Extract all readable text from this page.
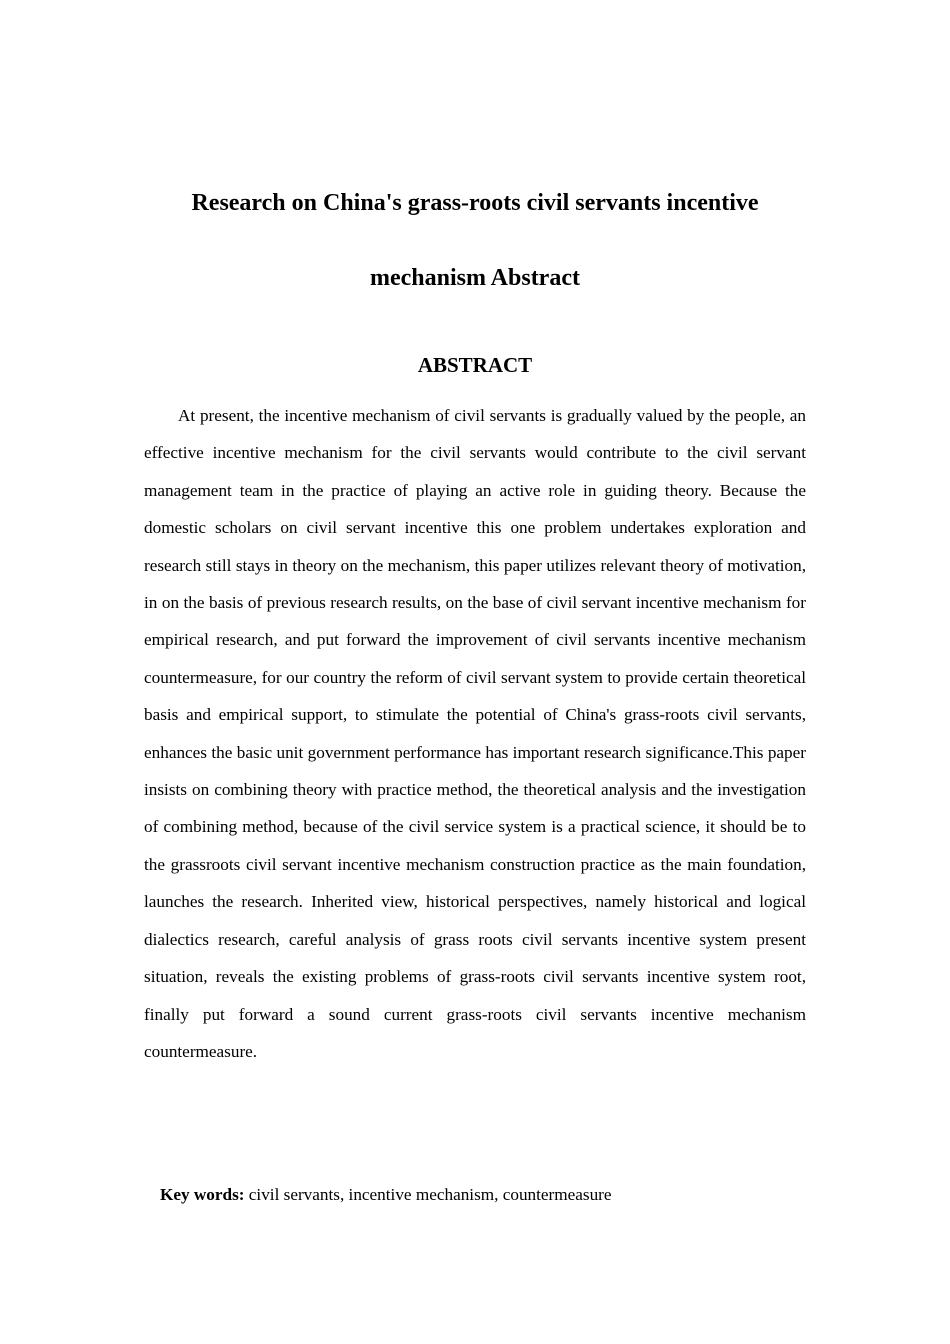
Research on China's grass-roots civil servants incentive
mechanism Abstract
ABSTRACT

At present, the incentive mechanism of civil servants is gradually valued by the people, an effective incentive mechanism for the civil servants would contribute to the civil servant management team in the practice of playing an active role in guiding theory. Because the domestic scholars on civil servant incentive this one problem undertakes exploration and research still stays in theory on the mechanism, this paper utilizes relevant theory of motivation, in on the basis of previous research results, on the base of civil servant incentive mechanism for empirical research, and put forward the improvement of civil servants incentive mechanism countermeasure, for our country the reform of civil servant system to provide certain theoretical basis and empirical support, to stimulate the potential of China's grass-roots civil servants, enhances the basic unit government performance has important research significance.This paper insists on combining theory with practice method, the theoretical analysis and the investigation of combining method, because of the civil service system is a practical science, it should be to the grassroots civil servant incentive mechanism construction practice as the main foundation, launches the research. Inherited view, historical perspectives, namely historical and logical dialectics research, careful analysis of grass roots civil servants incentive system present situation, reveals the existing problems of grass-roots civil servants incentive system root, finally put forward a sound current grass-roots civil servants incentive mechanism countermeasure.

Key words: civil servants, incentive mechanism, countermeasure
